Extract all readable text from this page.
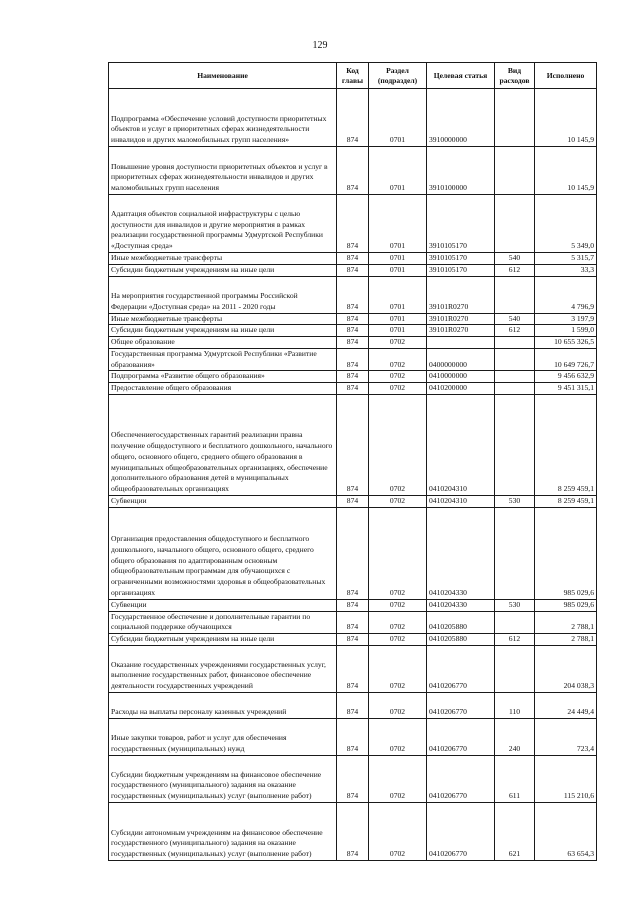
129
Наименование	Код главы	Раздел (подраздел)	Целевая статья	Вид расходов	Исполнено
Подпрограмма «Обеспечение условий доступности приоритетных объектов и услуг в приоритетных сферах жизнедеятельности инвалидов и других маломобильных групп населения»	874	0701	3910000000		10 145,9
Повышение уровня доступности приоритетных объектов и услуг в приоритетных сферах жизнедеятельности инвалидов и других маломобильных групп населения	874	0701	3910100000		10 145,9
Адаптация объектов социальной инфраструктуры с целью доступности для инвалидов и другие мероприятия в рамках реализации государственной программы Удмуртской Республики «Доступная среда»	874	0701	3910105170		5 349,0
Иные межбюджетные трансферты	874	0701	3910105170	540	5 315,7
Субсидии бюджетным учреждениям на иные цели	874	0701	3910105170	612	33,3
На мероприятия государственной программы Российской Федерации «Доступная среда» на 2011 - 2020 годы	874	0701	39101R0270		4 796,9
Иные межбюджетные трансферты	874	0701	39101R0270	540	3 197,9
Субсидии бюджетным учреждениям на иные цели	874	0701	39101R0270	612	1 599,0
Общее образование	874	0702			10 655 326,5
Государственная программа Удмуртской Республики «Развитие образования»	874	0702	0400000000		10 649 726,7
Подпрограмма «Развитие общего образования»	874	0702	0410000000		9 456 632,9
Предоставление общего образования	874	0702	0410200000		9 451 315,1
Обеспечениегосударственных гарантий реализации правна получение общедоступного и бесплатного дошкольного, начального общего, основного общего, среднего общего образования в муниципальных общеобразовательных организациях, обеспечение дополнительного образования детей в муниципальных общеобразовательных организациях	874	0702	0410204310		8 259 459,1
Субвенции	874	0702	0410204310	530	8 259 459,1
Организация предоставления общедоступного и бесплатного дошкольного, начального общего, основного общего, среднего общего образования по адаптированным основным общеобразовательным программам для обучающихся с ограниченными возможностями здоровья в общеобразовательных организациях	874	0702	0410204330		985 029,6
Субвенции	874	0702	0410204330	530	985 029,6
Государственное обеспечение и дополнительные гарантии по социальной поддержке обучающихся	874	0702	0410205880		2 788,1
Субсидии бюджетным учреждениям на иные цели	874	0702	0410205880	612	2 788,1
Оказание государственных учреждениями государственных услуг, выполнение государственных работ, финансовое обеспечение деятельности государственных учреждений	874	0702	0410206770		204 038,3
Расходы на выплаты персоналу казенных учреждений	874	0702	0410206770	110	24 449,4
Иные закупки товаров, работ и услуг для обеспечения государственных (муниципальных) нужд	874	0702	0410206770	240	723,4
Субсидии бюджетным учреждениям на финансовое обеспечение государственного (муниципального) задания на оказание государственных (муниципальных) услуг (выполнение работ)	874	0702	0410206770	611	115 210,6
Субсидии автономным учреждениям на финансовое обеспечение государственного (муниципального) задания на оказание государственных (муниципальных) услуг (выполнение работ)	874	0702	0410206770	621	63 654,3
